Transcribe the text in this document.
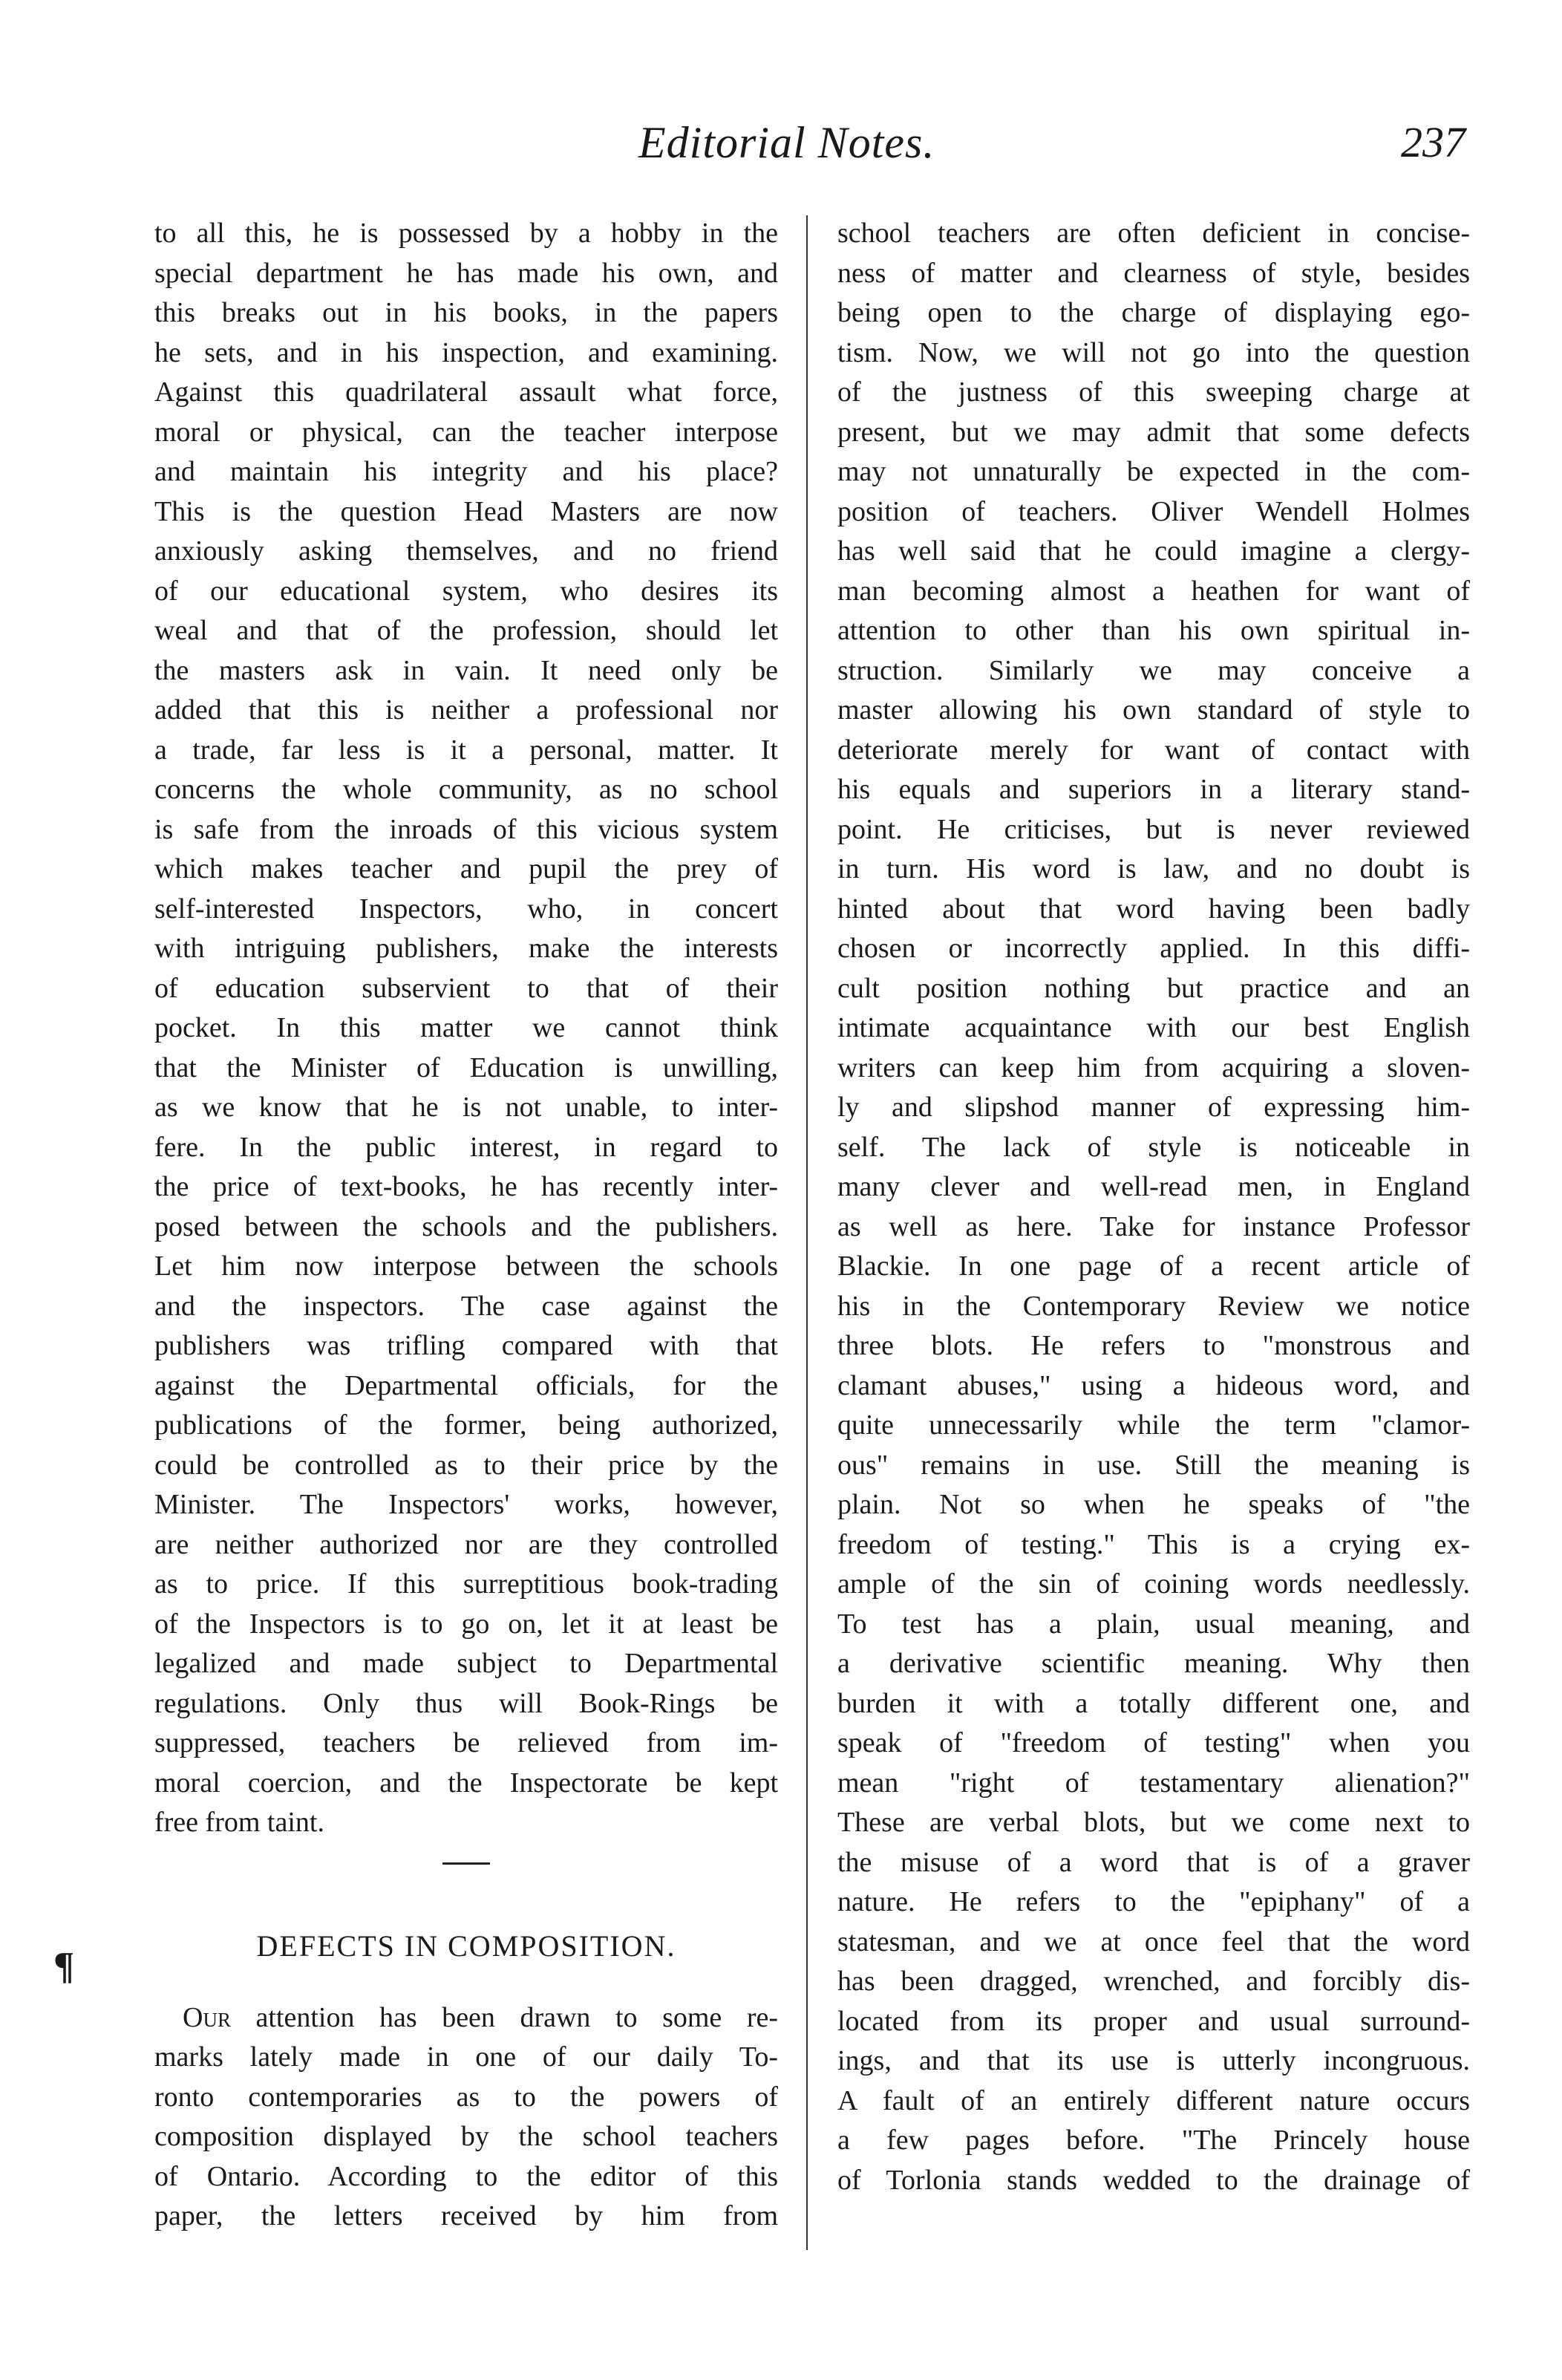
Editorial Notes.	237
¶
to all this, he is possessed by a hobby in the
special department he has made his own, and
this breaks out in his books, in the papers
he sets, and in his inspection, and examining.
Against this quadrilateral assault what force,
moral or physical, can the teacher interpose
and maintain his integrity and his place?
This is the question Head Masters are now
anxiously asking themselves, and no friend
of our educational system, who desires its
weal and that of the profession, should let
the masters ask in vain. It need only be
added that this is neither a professional nor
a trade, far less is it a personal, matter. It
concerns the whole community, as no school
is safe from the inroads of this vicious system
which makes teacher and pupil the prey of
self-interested Inspectors, who, in concert
with intriguing publishers, make the interests
of education subservient to that of their
pocket. In this matter we cannot think
that the Minister of Education is unwilling,
as we know that he is not unable, to inter-
fere. In the public interest, in regard to
the price of text-books, he has recently inter-
posed between the schools and the publishers.
Let him now interpose between the schools
and the inspectors. The case against the
publishers was trifling compared with that
against the Departmental officials, for the
publications of the former, being authorized,
could be controlled as to their price by the
Minister. The Inspectors' works, however,
are neither authorized nor are they controlled
as to price. If this surreptitious book-trading
of the Inspectors is to go on, let it at least be
legalized and made subject to Departmental
regulations. Only thus will Book-Rings be
suppressed, teachers be relieved from im-
moral coercion, and the Inspectorate be kept
free from taint.
DEFECTS IN COMPOSITION.
 Our attention has been drawn to some re-
marks lately made in one of our daily To-
ronto contemporaries as to the powers of
composition displayed by the school teachers
of Ontario. According to the editor of this
paper, the letters received by him from
school teachers are often deficient in concise-
ness of matter and clearness of style, besides
being open to the charge of displaying ego-
tism. Now, we will not go into the question
of the justness of this sweeping charge at
present, but we may admit that some defects
may not unnaturally be expected in the com-
position of teachers. Oliver Wendell Holmes
has well said that he could imagine a clergy-
man becoming almost a heathen for want of
attention to other than his own spiritual in-
struction. Similarly we may conceive a
master allowing his own standard of style to
deteriorate merely for want of contact with
his equals and superiors in a literary stand-
point. He criticises, but is never reviewed
in turn. His word is law, and no doubt is
hinted about that word having been badly
chosen or incorrectly applied. In this diffi-
cult position nothing but practice and an
intimate acquaintance with our best English
writers can keep him from acquiring a sloven-
ly and slipshod manner of expressing him-
self. The lack of style is noticeable in
many clever and well-read men, in England
as well as here. Take for instance Professor
Blackie. In one page of a recent article of
his in the Contemporary Review we notice
three blots. He refers to "monstrous and
clamant abuses," using a hideous word, and
quite unnecessarily while the term "clamor-
ous" remains in use. Still the meaning is
plain. Not so when he speaks of "the
freedom of testing." This is a crying ex-
ample of the sin of coining words needlessly.
To test has a plain, usual meaning, and
a derivative scientific meaning. Why then
burden it with a totally different one, and
speak of "freedom of testing" when you
mean "right of testamentary alienation?"
These are verbal blots, but we come next to
the misuse of a word that is of a graver
nature. He refers to the "epiphany" of a
statesman, and we at once feel that the word
has been dragged, wrenched, and forcibly dis-
located from its proper and usual surround-
ings, and that its use is utterly incongruous.
A fault of an entirely different nature occurs
a few pages before. "The Princely house
of Torlonia stands wedded to the drainage of
